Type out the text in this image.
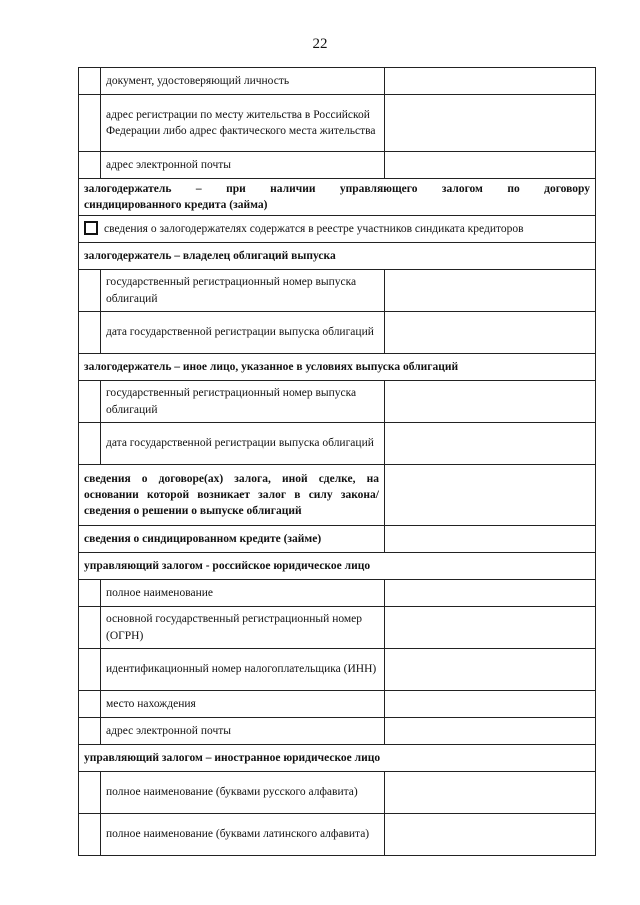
22
	документ, удостоверяющий личность	
	адрес регистрации по месту жительства в Российской Федерации либо адрес фактического места жительства	
	адрес электронной почты	

залогодержатель – при наличии управляющего залогом по договору
синдицированного кредита (займа)		

сведения о залогодержателях содержатся в реестре участников синдиката кредиторов		
залогодержатель – владелец облигаций выпуска		
	государственный регистрационный номер выпуска облигаций	
	дата государственной регистрации выпуска облигаций	
залогодержатель – иное лицо, указанное в условиях выпуска облигаций		
	государственный регистрационный номер выпуска облигаций	
	дата государственной регистрации выпуска облигаций	
сведения о договоре(ах) залога, иной сделке, на основании которой возникает залог в силу закона/сведения о решении о выпуске облигаций		
сведения о синдицированном кредите (займе)		
управляющий залогом - российское юридическое лицо		
	полное наименование	
	основной государственный регистрационный номер (ОГРН)	
	идентификационный номер налогоплательщика (ИНН)	
	место нахождения	
	адрес электронной почты	
управляющий залогом – иностранное юридическое лицо		
	полное наименование (буквами русского алфавита)	
	полное наименование (буквами латинского алфавита)	
